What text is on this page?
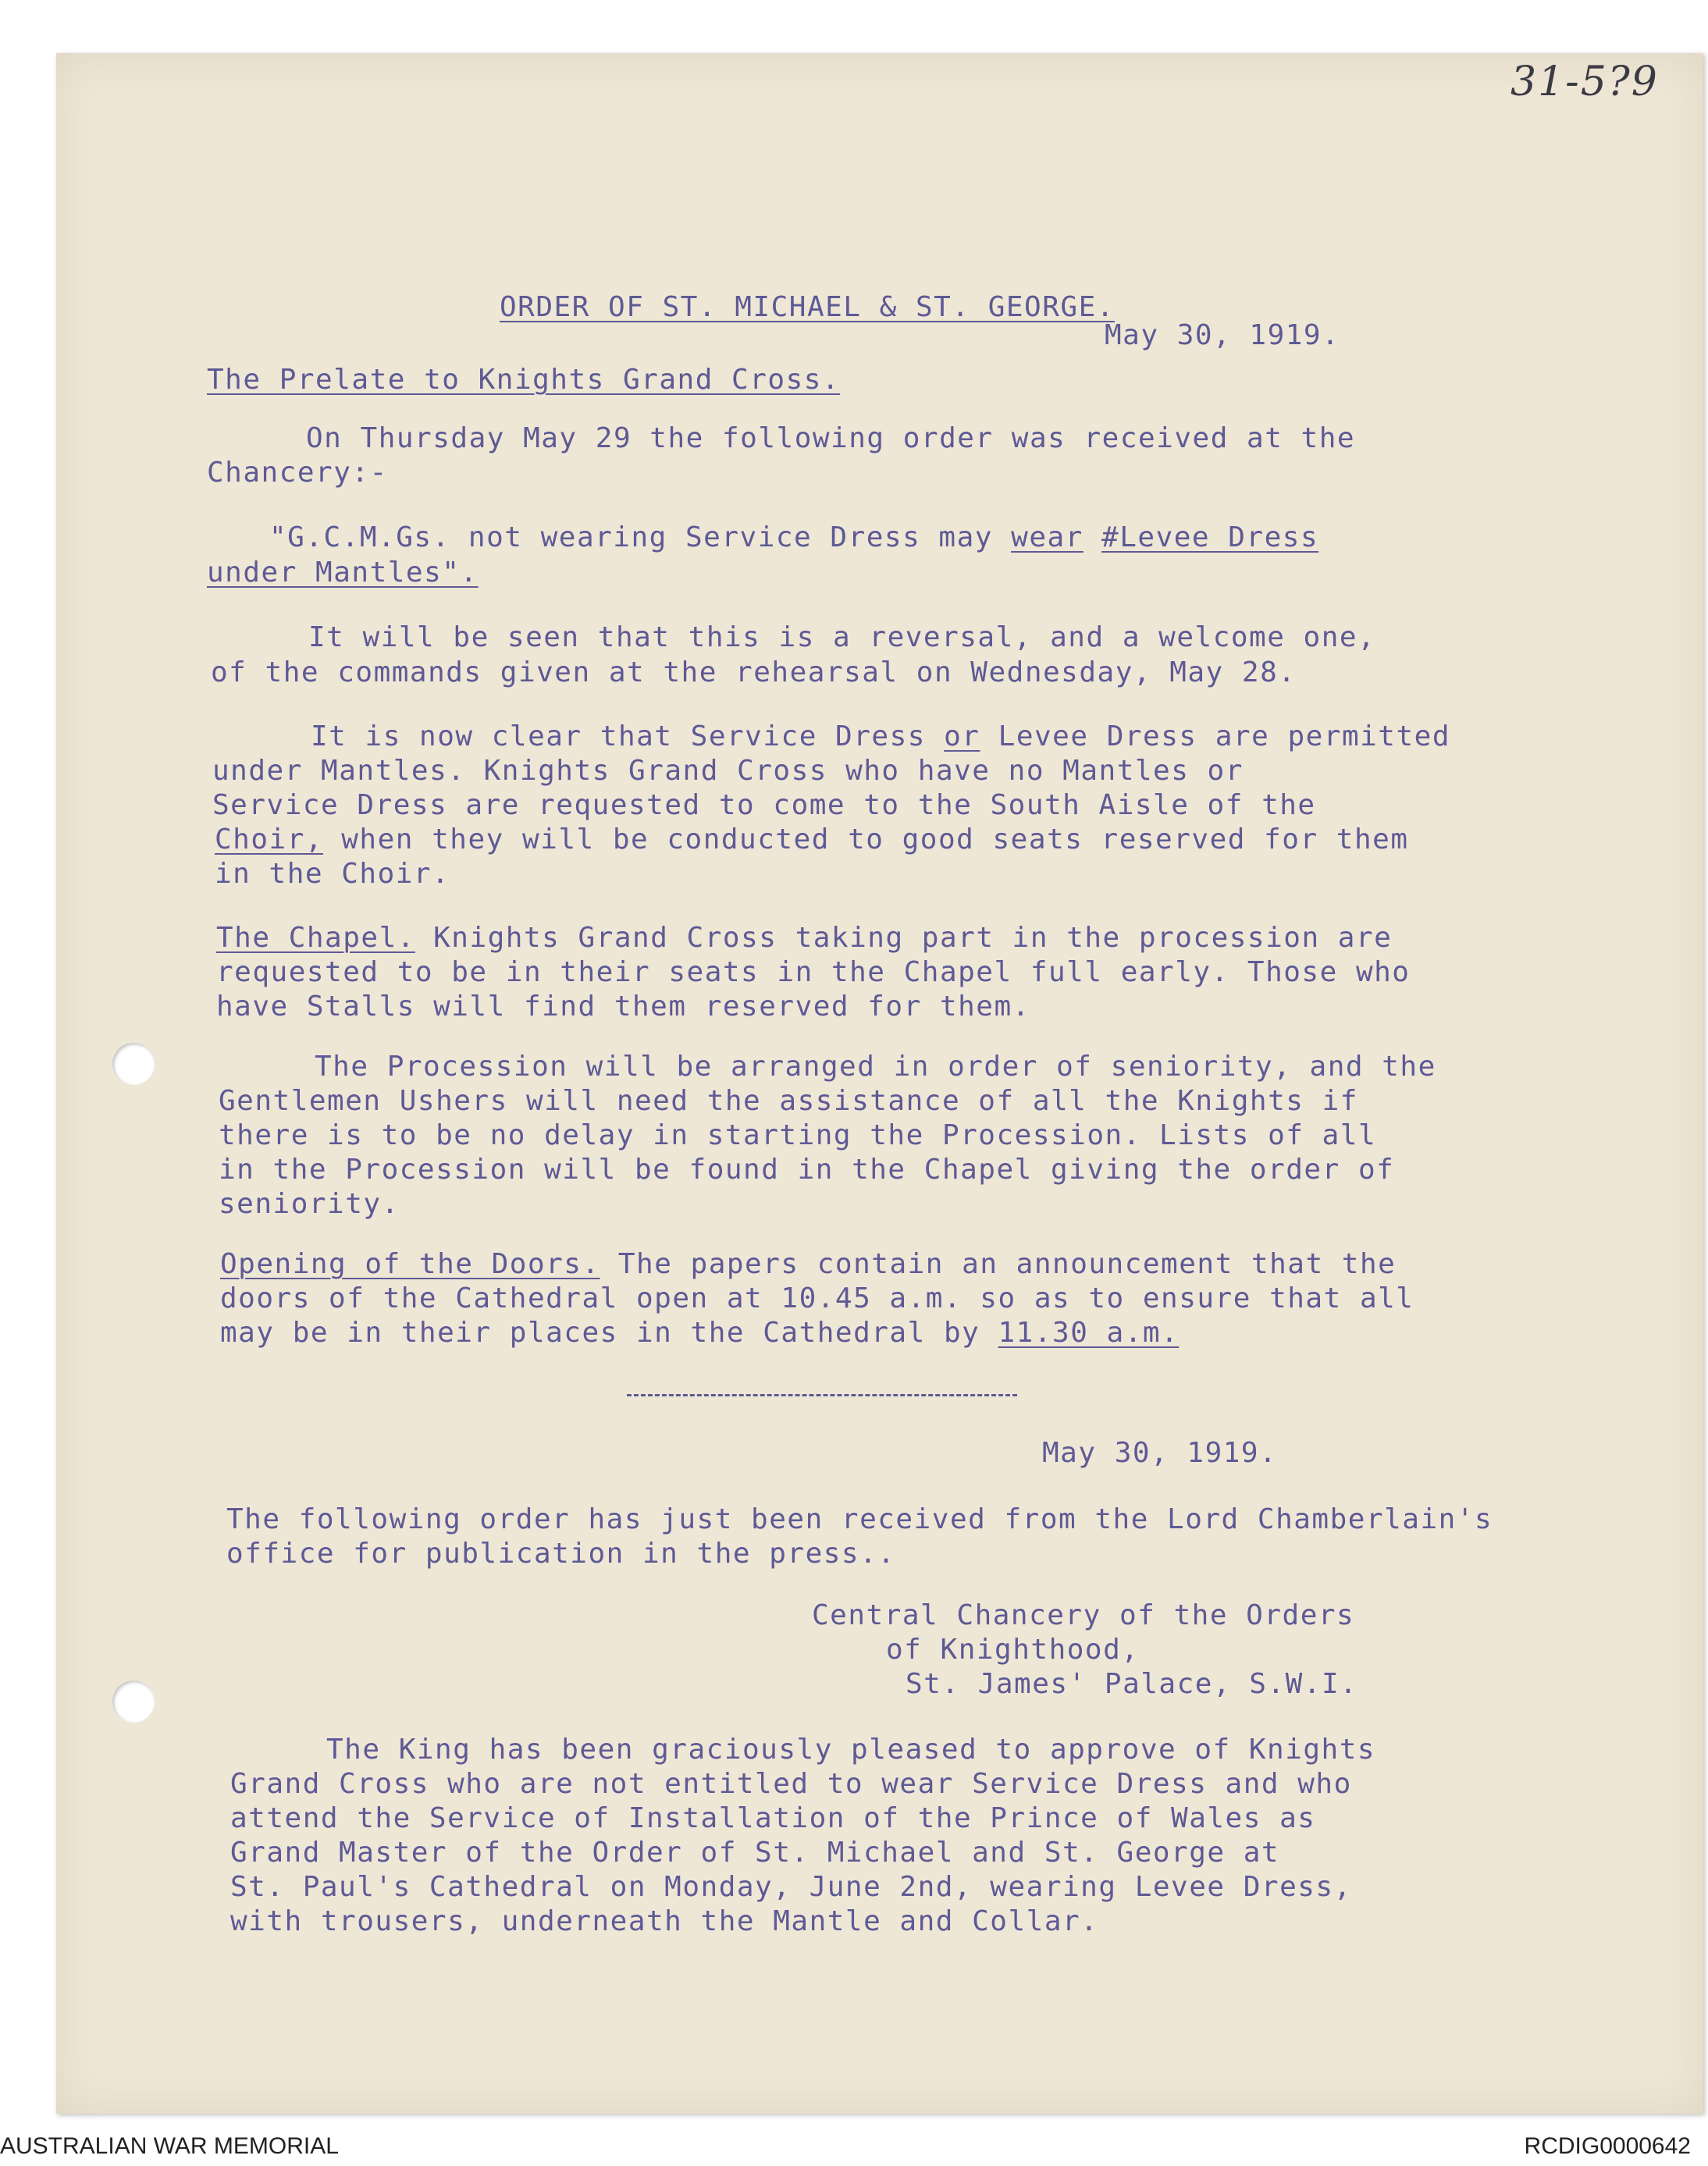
31-5?9
ORDER OF ST. MICHAEL & ST. GEORGE.
May 30, 1919.
The Prelate to Knights Grand Cross.
On Thursday May 29 the following order was received at the
Chancery:-
"G.C.M.Gs. not wearing Service Dress may wear #Levee Dress
under Mantles".
It will be seen that this is a reversal, and a welcome one,
of the commands given at the rehearsal on Wednesday, May 28.
It is now clear that Service Dress or Levee Dress are permitted
under Mantles. Knights Grand Cross who have no Mantles or
Service Dress are requested to come to the South Aisle of the
Choir, when they will be conducted to good seats reserved for them
in the Choir.
The Chapel. Knights Grand Cross taking part in the procession are
requested to be in their seats in the Chapel full early. Those who
have Stalls will find them reserved for them.
The Procession will be arranged in order of seniority, and the
Gentlemen Ushers will need the assistance of all the Knights if
there is to be no delay in starting the Procession. Lists of all
in the Procession will be found in the Chapel giving the order of
seniority.
Opening of the Doors. The papers contain an announcement that the
doors of the Cathedral open at 10.45 a.m. so as to ensure that all
may be in their places in the Cathedral by 11.30 a.m.
May 30, 1919.
The following order has just been received from the Lord Chamberlain's
office for publication in the press..
Central Chancery of the Orders
of Knighthood,
St. James' Palace, S.W.I.
The King has been graciously pleased to approve of Knights
Grand Cross who are not entitled to wear Service Dress and who
attend the Service of Installation of the Prince of Wales as
Grand Master of the Order of St. Michael and St. George at
St. Paul's Cathedral on Monday, June 2nd, wearing Levee Dress,
with trousers, underneath the Mantle and Collar.
AUSTRALIAN WAR MEMORIAL	RCDIG0000642
